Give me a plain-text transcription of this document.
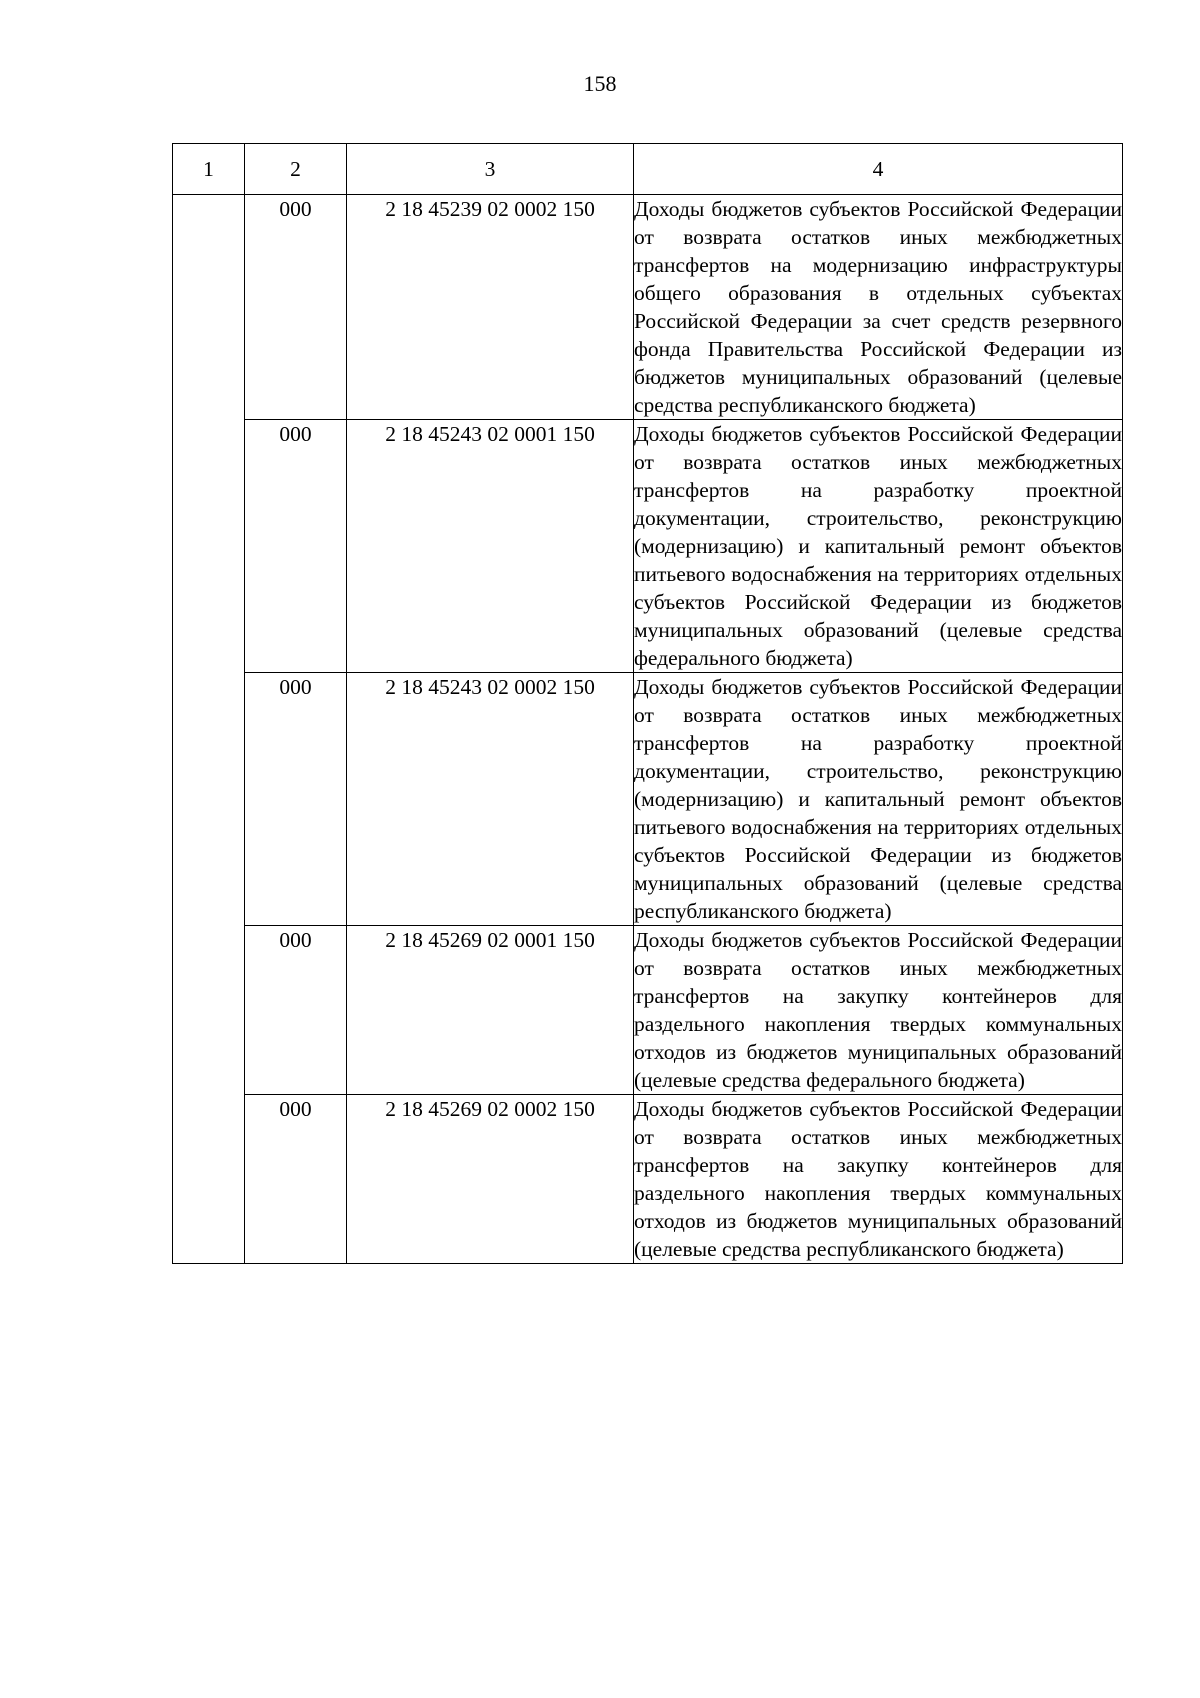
158
1	2	3	4
	000	2 18 45239 02 0002 150	Доходы бюджетов субъектов Российской Федерации от возврата остатков иных межбюджетных трансфертов на модернизацию инфраструктуры общего образования в отдельных субъектах Российской Федерации за счет средств резервного фонда Правительства Российской Федерации из бюджетов муниципальных образований (целевые средства республиканского бюджета)
	000	2 18 45243 02 0001 150	Доходы бюджетов субъектов Российской Федерации от возврата остатков иных межбюджетных трансфертов на разработку проектной документации, строительство, реконструкцию (модернизацию) и капитальный ремонт объектов питьевого водоснабжения на территориях отдельных субъектов Российской Федерации из бюджетов муниципальных образований (целевые средства федерального бюджета)
	000	2 18 45243 02 0002 150	Доходы бюджетов субъектов Российской Федерации от возврата остатков иных межбюджетных трансфертов на разработку проектной документации, строительство, реконструкцию (модернизацию) и капитальный ремонт объектов питьевого водоснабжения на территориях отдельных субъектов Российской Федерации из бюджетов муниципальных образований (целевые средства республиканского бюджета)
	000	2 18 45269 02 0001 150	Доходы бюджетов субъектов Российской Федерации от возврата остатков иных межбюджетных трансфертов на закупку контейнеров для раздельного накопления твердых коммунальных отходов из бюджетов муниципальных образований (целевые средства федерального бюджета)
	000	2 18 45269 02 0002 150	Доходы бюджетов субъектов Российской Федерации от возврата остатков иных межбюджетных трансфертов на закупку контейнеров для раздельного накопления твердых коммунальных отходов из бюджетов муниципальных образований (целевые средства республиканского бюджета)
